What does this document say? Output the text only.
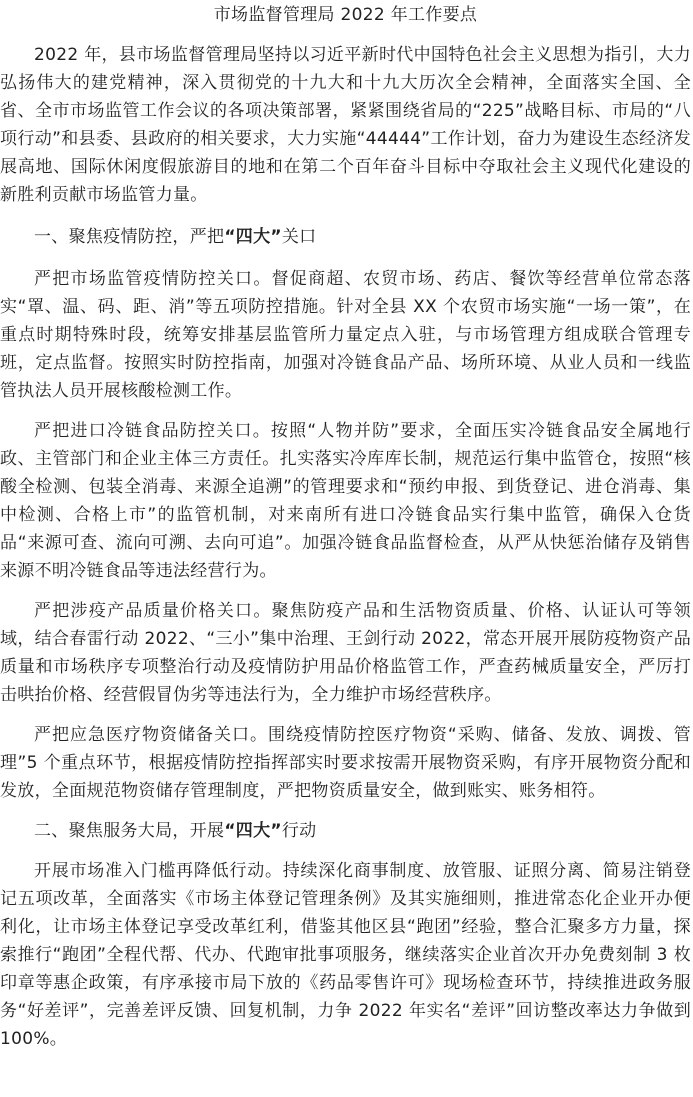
市场监督管理局 2022 年工作要点

2022 年，县市场监督管理局坚持以习近平新时代中国特色社会主义思想为指引，大力弘扬伟大的建党精神，深入贯彻党的十九大和十九大历次全会精神，全面落实全国、全省、全市市场监管工作会议的各项决策部署，紧紧围绕省局的“225”战略目标、市局的“八项行动”和县委、县政府的相关要求，大力实施“44444”工作计划，奋力为建设生态经济发展高地、国际休闲度假旅游目的地和在第二个百年奋斗目标中夺取社会主义现代化建设的新胜利贡献市场监管力量。

一、聚焦疫情防控，严把“四大”关口

严把市场监管疫情防控关口。督促商超、农贸市场、药店、餐饮等经营单位常态落实“罩、温、码、距、消”等五项防控措施。针对全县 XX 个农贸市场实施“一场一策”，在重点时期特殊时段，统筹安排基层监管所力量定点入驻，与市场管理方组成联合管理专班，定点监督。按照实时防控指南，加强对冷链食品产品、场所环境、从业人员和一线监管执法人员开展核酸检测工作。

严把进口冷链食品防控关口。按照“人物并防”要求，全面压实冷链食品安全属地行政、主管部门和企业主体三方责任。扎实落实冷库库长制，规范运行集中监管仓，按照“核酸全检测、包装全消毒、来源全追溯”的管理要求和“预约申报、到货登记、进仓消毒、集中检测、合格上市”的监管机制，对来南所有进口冷链食品实行集中监管，确保入仓货品“来源可查、流向可溯、去向可追”。加强冷链食品监督检查，从严从快惩治储存及销售来源不明冷链食品等违法经营行为。

严把涉疫产品质量价格关口。聚焦防疫产品和生活物资质量、价格、认证认可等领域，结合春雷行动 2022、“三小”集中治理、王剑行动 2022，常态开展开展防疫物资产品质量和市场秩序专项整治行动及疫情防护用品价格监管工作，严查药械质量安全，严厉打击哄抬价格、经营假冒伪劣等违法行为，全力维护市场经营秩序。

严把应急医疗物资储备关口。围绕疫情防控医疗物资“采购、储备、发放、调拨、管理”5 个重点环节，根据疫情防控指挥部实时要求按需开展物资采购，有序开展物资分配和发放，全面规范物资储存管理制度，严把物资质量安全，做到账实、账务相符。

二、聚焦服务大局，开展“四大”行动

开展市场准入门槛再降低行动。持续深化商事制度、放管服、证照分离、简易注销登记五项改革，全面落实《市场主体登记管理条例》及其实施细则，推进常态化企业开办便利化，让市场主体登记享受改革红利，借鉴其他区县“跑团”经验，整合汇聚多方力量，探索推行“跑团”全程代帮、代办、代跑审批事项服务，继续落实企业首次开办免费刻制 3 枚印章等惠企政策，有序承接市局下放的《药品零售许可》现场检查环节，持续推进政务服务“好差评”，完善差评反馈、回复机制，力争 2022 年实名“差评”回访整改率达力争做到 100%。
